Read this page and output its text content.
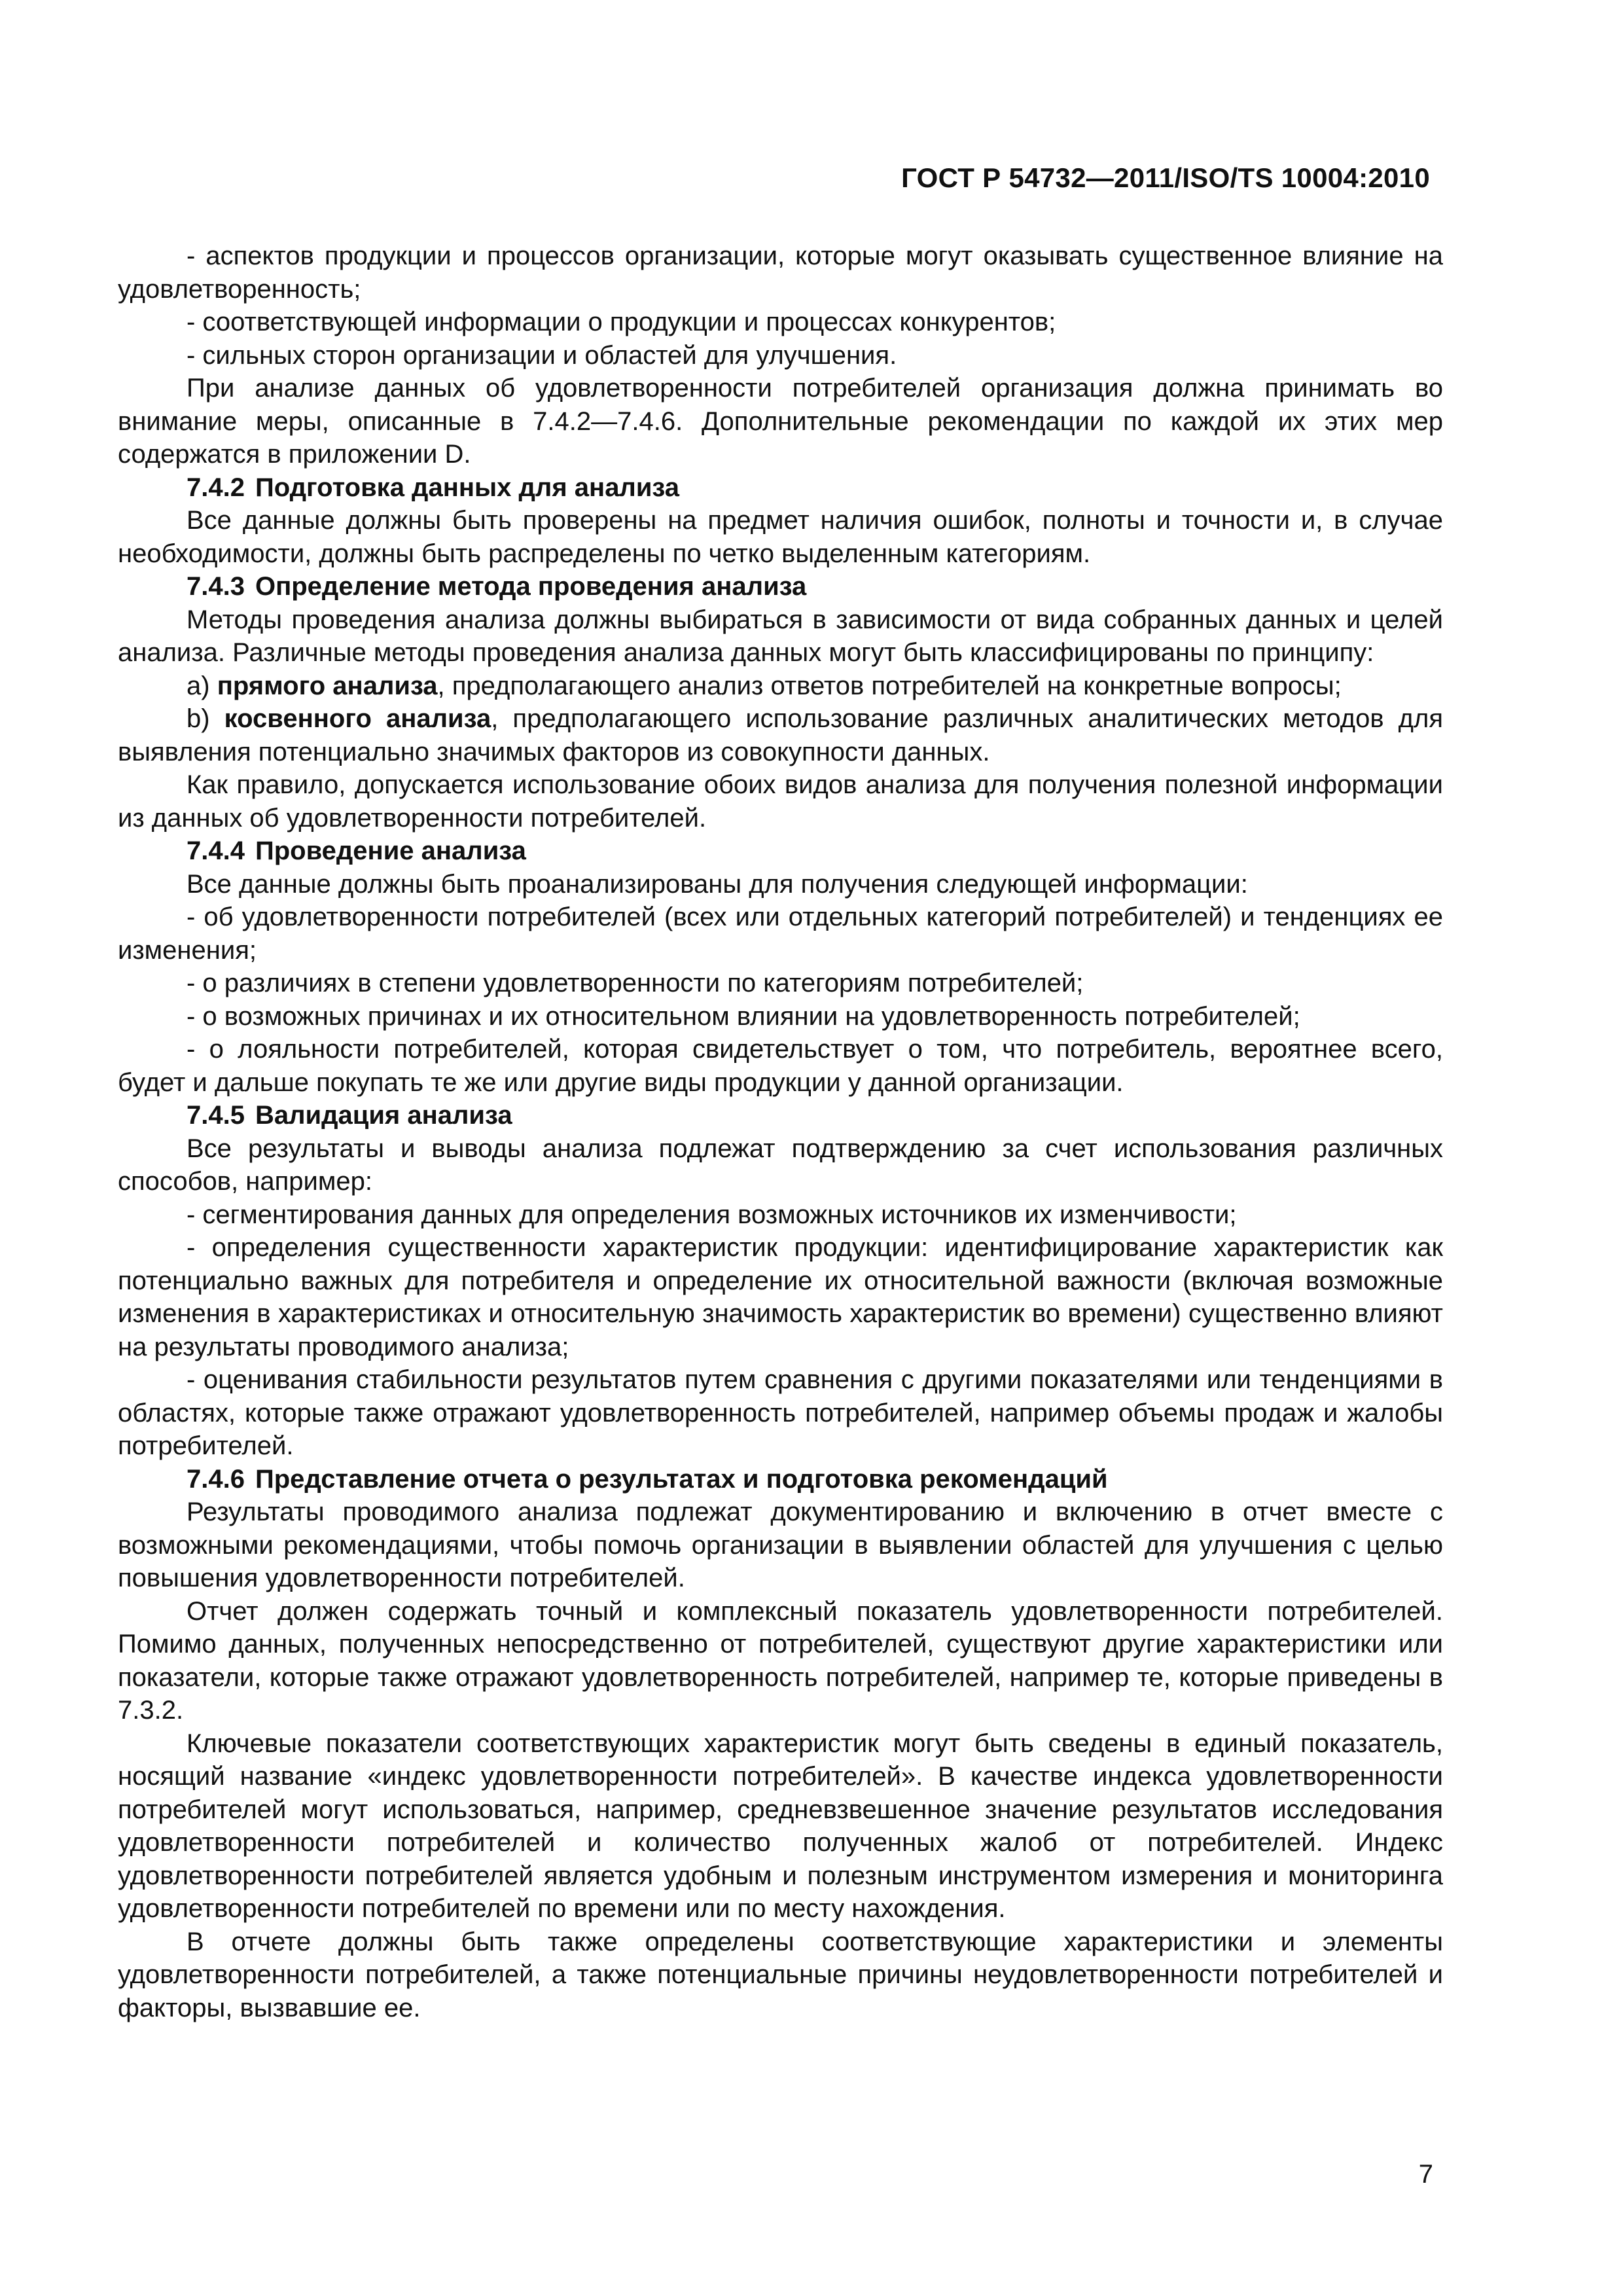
ГОСТ Р 54732—2011/ISO/TS 10004:2010

- аспектов продукции и процессов организации, которые могут оказывать существенное влияние на удовлетворенность;

- соответствующей информации о продукции и процессах конкурентов;

- сильных сторон организации и областей для улучшения.

При анализе данных об удовлетворенности потребителей организация должна принимать во внимание меры, описанные в 7.4.2—7.4.6. Дополнительные рекомендации по каждой их этих мер содержатся в приложении D.

7.4.2 Подготовка данных для анализа

Все данные должны быть проверены на предмет наличия ошибок, полноты и точности и, в случае необходимости, должны быть распределены по четко выделенным категориям.

7.4.3 Определение метода проведения анализа

Методы проведения анализа должны выбираться в зависимости от вида собранных данных и целей анализа. Различные методы проведения анализа данных могут быть классифицированы по принципу:

а) прямого анализа, предполагающего анализ ответов потребителей на конкретные вопросы;

b) косвенного анализа, предполагающего использование различных аналитических методов для выявления потенциально значимых факторов из совокупности данных.

Как правило, допускается использование обоих видов анализа для получения полезной информации из данных об удовлетворенности потребителей.

7.4.4 Проведение анализа

Все данные должны быть проанализированы для получения следующей информации:

- об удовлетворенности потребителей (всех или отдельных категорий потребителей) и тенденциях ее изменения;

- о различиях в степени удовлетворенности по категориям потребителей;

- о возможных причинах и их относительном влиянии на удовлетворенность потребителей;

- о лояльности потребителей, которая свидетельствует о том, что потребитель, вероятнее всего, будет и дальше покупать те же или другие виды продукции у данной организации.

7.4.5 Валидация анализа

Все результаты и выводы анализа подлежат подтверждению за счет использования различных способов, например:

- сегментирования данных для определения возможных источников их изменчивости;

- определения существенности характеристик продукции: идентифицирование характеристик как потенциально важных для потребителя и определение их относительной важности (включая возможные изменения в характеристиках и относительную значимость характеристик во времени) существенно влияют на результаты проводимого анализа;

- оценивания стабильности результатов путем сравнения с другими показателями или тенденциями в областях, которые также отражают удовлетворенность потребителей, например объемы продаж и жалобы потребителей.

7.4.6 Представление отчета о результатах и подготовка рекомендаций

Результаты проводимого анализа подлежат документированию и включению в отчет вместе с возможными рекомендациями, чтобы помочь организации в выявлении областей для улучшения с целью повышения удовлетворенности потребителей.

Отчет должен содержать точный и комплексный показатель удовлетворенности потребителей. Помимо данных, полученных непосредственно от потребителей, существуют другие характеристики или показатели, которые также отражают удовлетворенность потребителей, например те, которые приведены в 7.3.2.

Ключевые показатели соответствующих характеристик могут быть сведены в единый показатель, носящий название «индекс удовлетворенности потребителей». В качестве индекса удовлетворенности потребителей могут использоваться, например, средневзвешенное значение результатов исследования удовлетворенности потребителей и количество полученных жалоб от потребителей. Индекс удовлетворенности потребителей является удобным и полезным инструментом измерения и мониторинга удовлетворенности потребителей по времени или по месту нахождения.

В отчете должны быть также определены соответствующие характеристики и элементы удовлетворенности потребителей, а также потенциальные причины неудовлетворенности потребителей и факторы, вызвавшие ее.

7
